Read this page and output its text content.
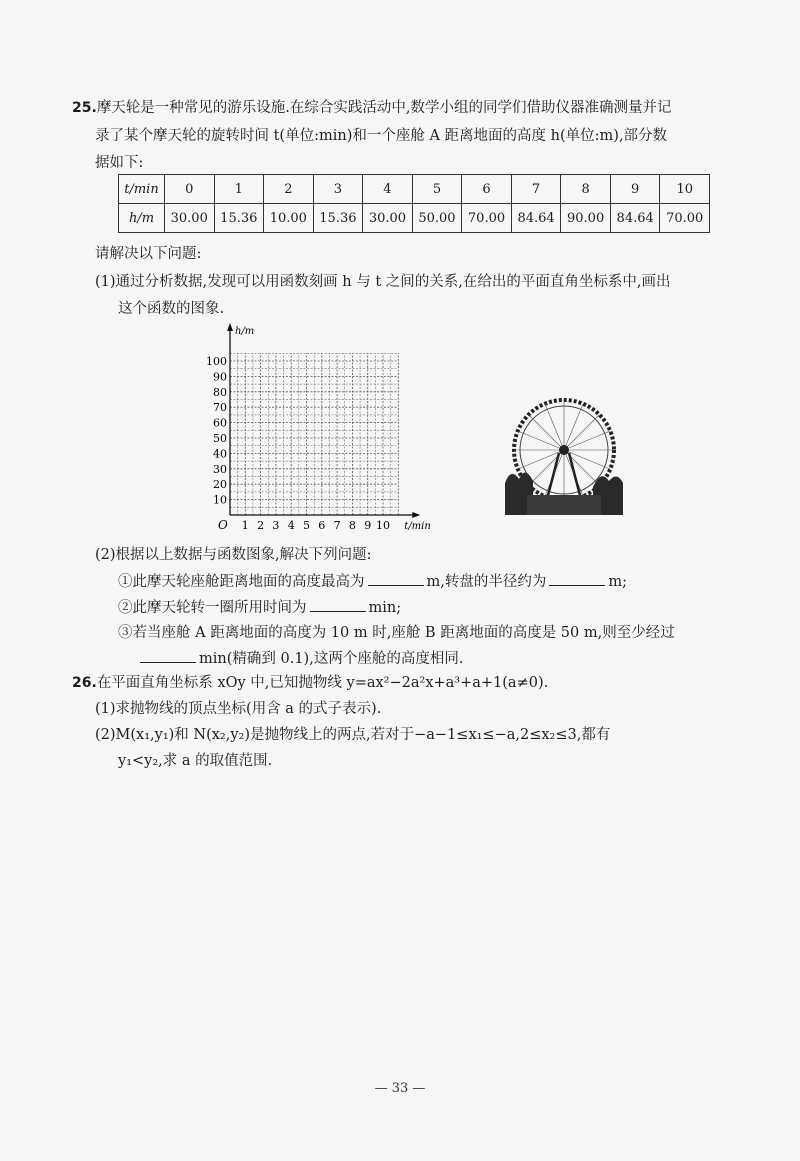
25.摩天轮是一种常见的游乐设施.在综合实践活动中,数学小组的同学们借助仪器准确测量并记
录了某个摩天轮的旋转时间 t(单位:min)和一个座舱 A 距离地面的高度 h(单位:m),部分数
据如下:
t/min	0	1	2	3	4	5	6	7	8	9	10
h/m	30.00	15.36	10.00	15.36	30.00	50.00	70.00	84.64	90.00	84.64	70.00
请解决以下问题:
(1)通过分析数据,发现可以用函数刻画 h 与 t 之间的关系,在给出的平面直角坐标系中,画出
这个函数的图象.
1 2 3 4 5 6 7 8 9 10
10
20
30
40
50
60
70
80
90
100
O	t/min
h/m
(2)根据以上数据与函数图象,解决下列问题:
①此摩天轮座舱距离地面的高度最高为	m,转盘的半径约为	m;
②此摩天轮转一圈所用时间为	min;
③若当座舱 A 距离地面的高度为 10 m 时,座舱 B 距离地面的高度是 50 m,则至少经过
min(精确到 0.1),这两个座舱的高度相同.
26.在平面直角坐标系 xOy 中,已知抛物线 y=ax²−2a²x+a³+a+1(a≠0).
(1)求抛物线的顶点坐标(用含 a 的式子表示).
(2)M(x₁,y₁)和 N(x₂,y₂)是抛物线上的两点,若对于−a−1≤x₁≤−a,2≤x₂≤3,都有
y₁<y₂,求 a 的取值范围.
— 33 —
